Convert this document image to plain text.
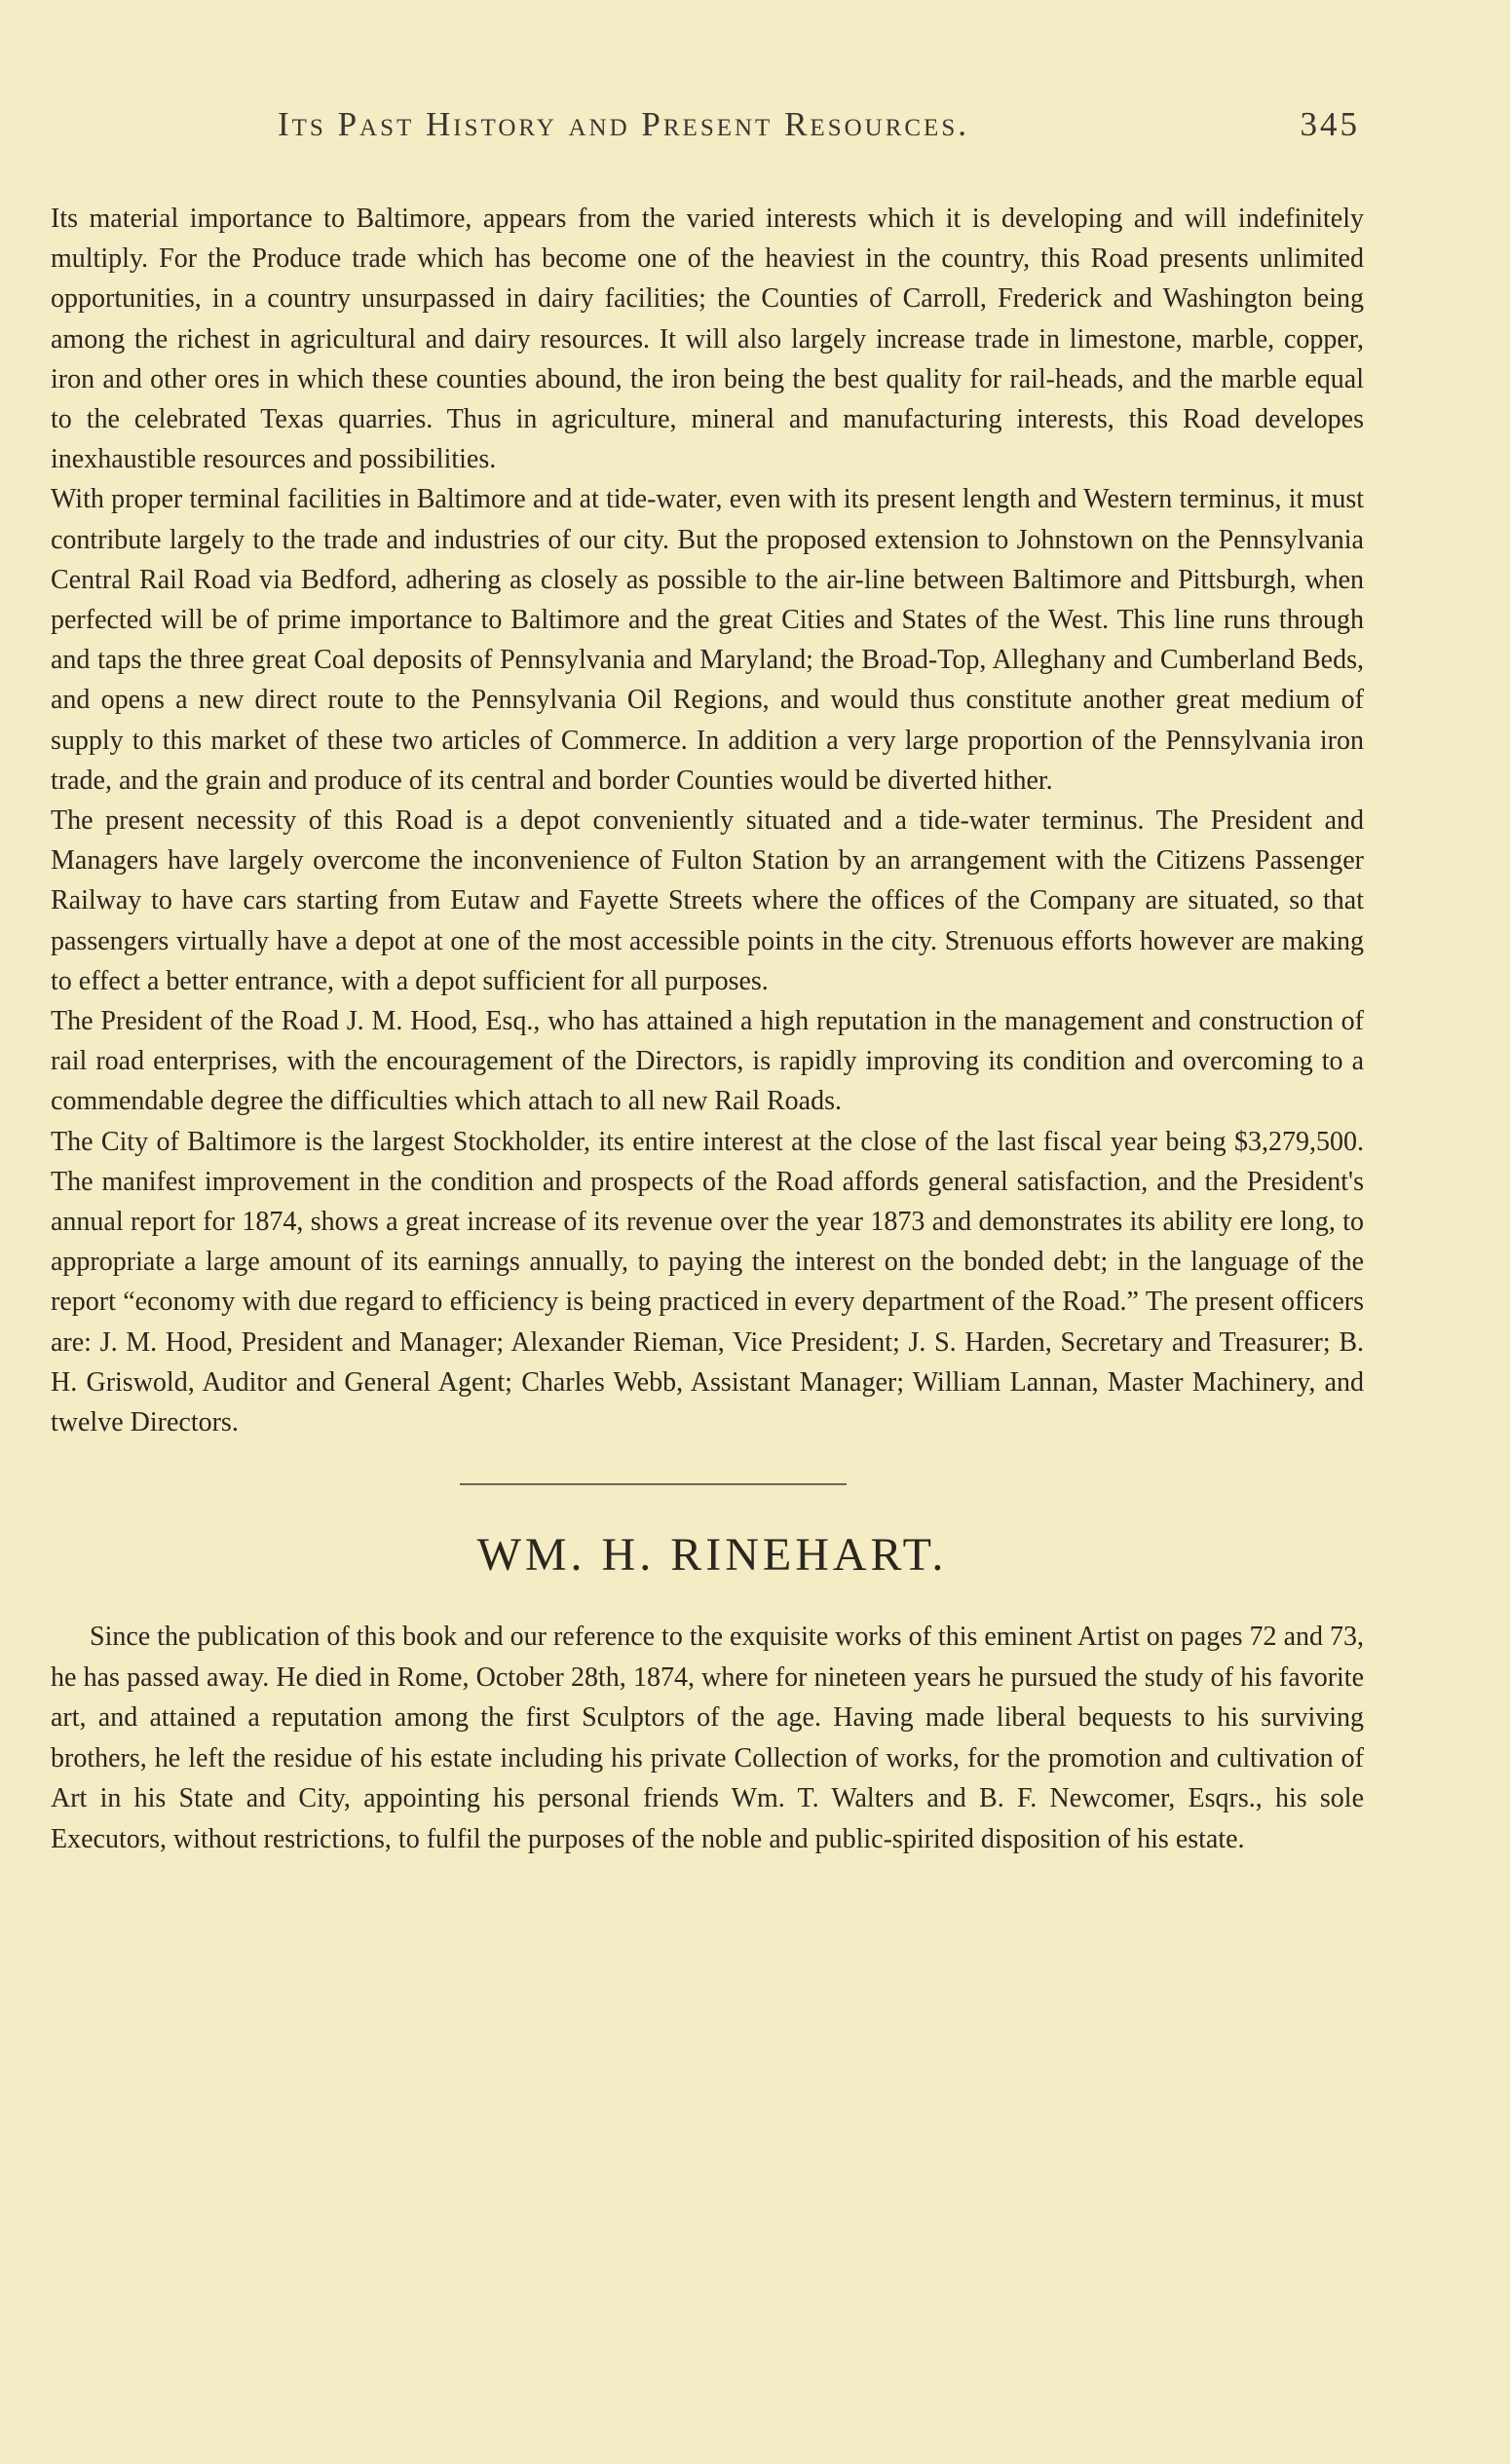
Its Past History and Present Resources.	345

Its material importance to Baltimore, appears from the varied interests which it is developing and will indefinitely multiply. For the Produce trade which has become one of the heaviest in the country, this Road presents unlimited opportunities, in a country unsurpassed in dairy facilities; the Counties of Carroll, Frederick and Washington being among the richest in agricultural and dairy resources. It will also largely increase trade in limestone, marble, copper, iron and other ores in which these counties abound, the iron being the best quality for rail-heads, and the marble equal to the celebrated Texas quarries. Thus in agriculture, mineral and manufacturing interests, this Road developes inexhaustible resources and possibilities.

With proper terminal facilities in Baltimore and at tide-water, even with its present length and Western terminus, it must contribute largely to the trade and industries of our city. But the proposed extension to Johnstown on the Pennsylvania Central Rail Road via Bedford, adhering as closely as possible to the air-line between Baltimore and Pittsburgh, when perfected will be of prime importance to Baltimore and the great Cities and States of the West. This line runs through and taps the three great Coal deposits of Pennsylvania and Maryland; the Broad-Top, Alleghany and Cumberland Beds, and opens a new direct route to the Pennsylvania Oil Regions, and would thus constitute another great medium of supply to this market of these two articles of Commerce. In addition a very large proportion of the Pennsylvania iron trade, and the grain and produce of its central and border Counties would be diverted hither.

The present necessity of this Road is a depot conveniently situated and a tide-water terminus. The President and Managers have largely overcome the inconvenience of Fulton Station by an arrangement with the Citizens Passenger Railway to have cars starting from Eutaw and Fayette Streets where the offices of the Company are situated, so that passengers virtually have a depot at one of the most accessible points in the city. Strenuous efforts however are making to effect a better entrance, with a depot sufficient for all purposes.

The President of the Road J. M. Hood, Esq., who has attained a high reputation in the management and construction of rail road enterprises, with the encouragement of the Directors, is rapidly improving its condition and overcoming to a commendable degree the difficulties which attach to all new Rail Roads.

The City of Baltimore is the largest Stockholder, its entire interest at the close of the last fiscal year being $3,279,500. The manifest improvement in the condition and prospects of the Road affords general satisfaction, and the President's annual report for 1874, shows a great increase of its revenue over the year 1873 and demonstrates its ability ere long, to appropriate a large amount of its earnings annually, to paying the interest on the bonded debt; in the language of the report “economy with due regard to efficiency is being practiced in every department of the Road.” The present officers are: J. M. Hood, President and Manager; Alexander Rieman, Vice President; J. S. Harden, Secretary and Treasurer; B. H. Griswold, Auditor and General Agent; Charles Webb, Assistant Manager; William Lannan, Master Machinery, and twelve Directors.

WM. H. RINEHART.

Since the publication of this book and our reference to the exquisite works of this eminent Artist on pages 72 and 73, he has passed away. He died in Rome, October 28th, 1874, where for nineteen years he pursued the study of his favorite art, and attained a reputation among the first Sculptors of the age. Having made liberal bequests to his surviving brothers, he left the residue of his estate including his private Collection of works, for the promotion and cultivation of Art in his State and City, appointing his personal friends Wm. T. Walters and B. F. Newcomer, Esqrs., his sole Executors, without restrictions, to fulfil the purposes of the noble and public-spirited disposition of his estate.
